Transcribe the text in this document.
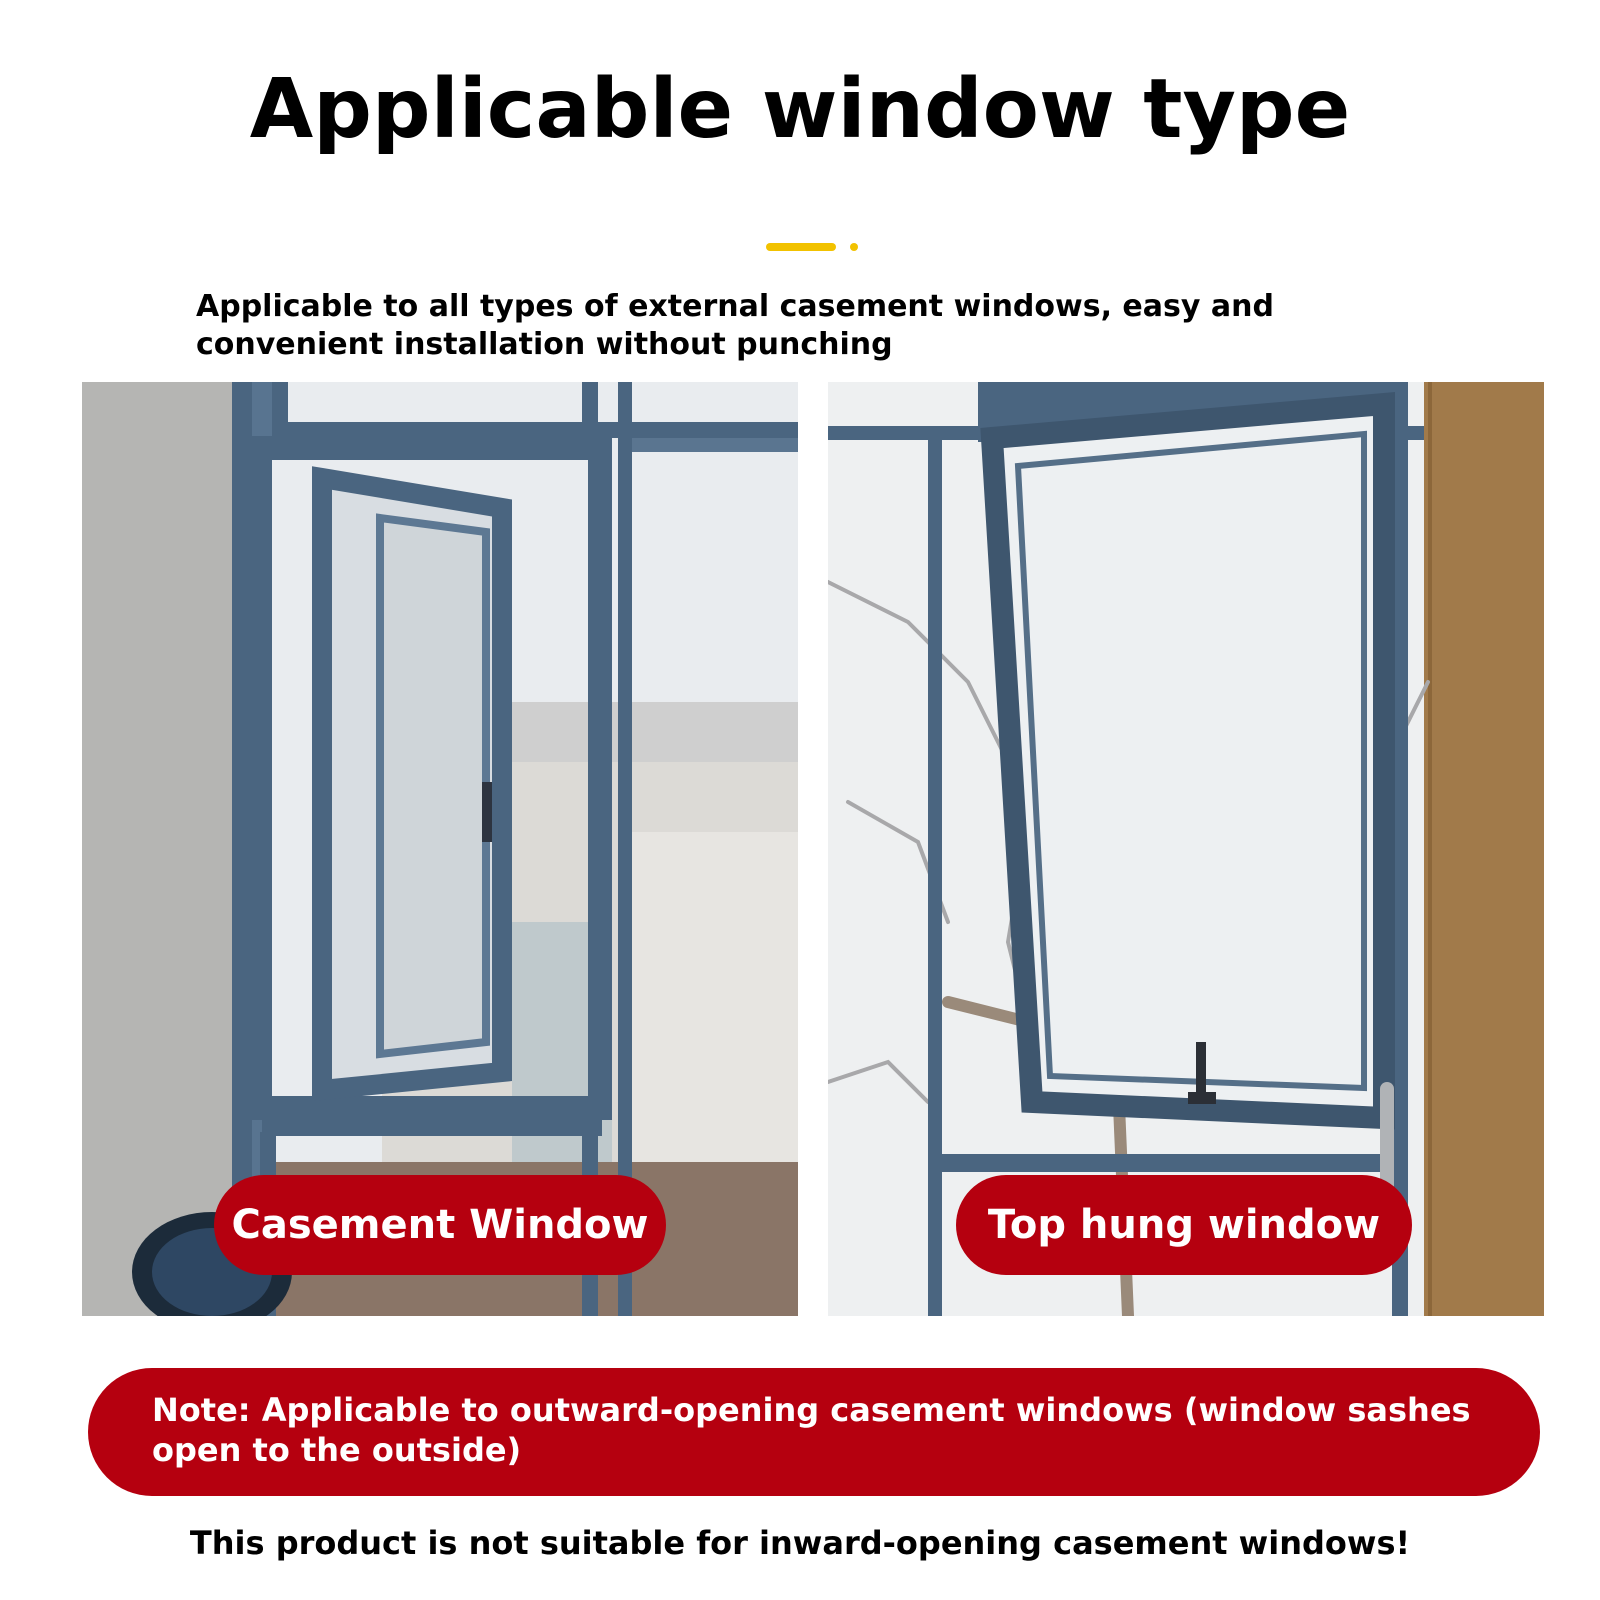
Applicable window type
Applicable to all types of external casement windows, easy and convenient installation without punching
Casement Window	Top hung window
Note: Applicable to outward-opening casement windows (window sashes open to the outside)
This product is not suitable for inward-opening casement windows!
